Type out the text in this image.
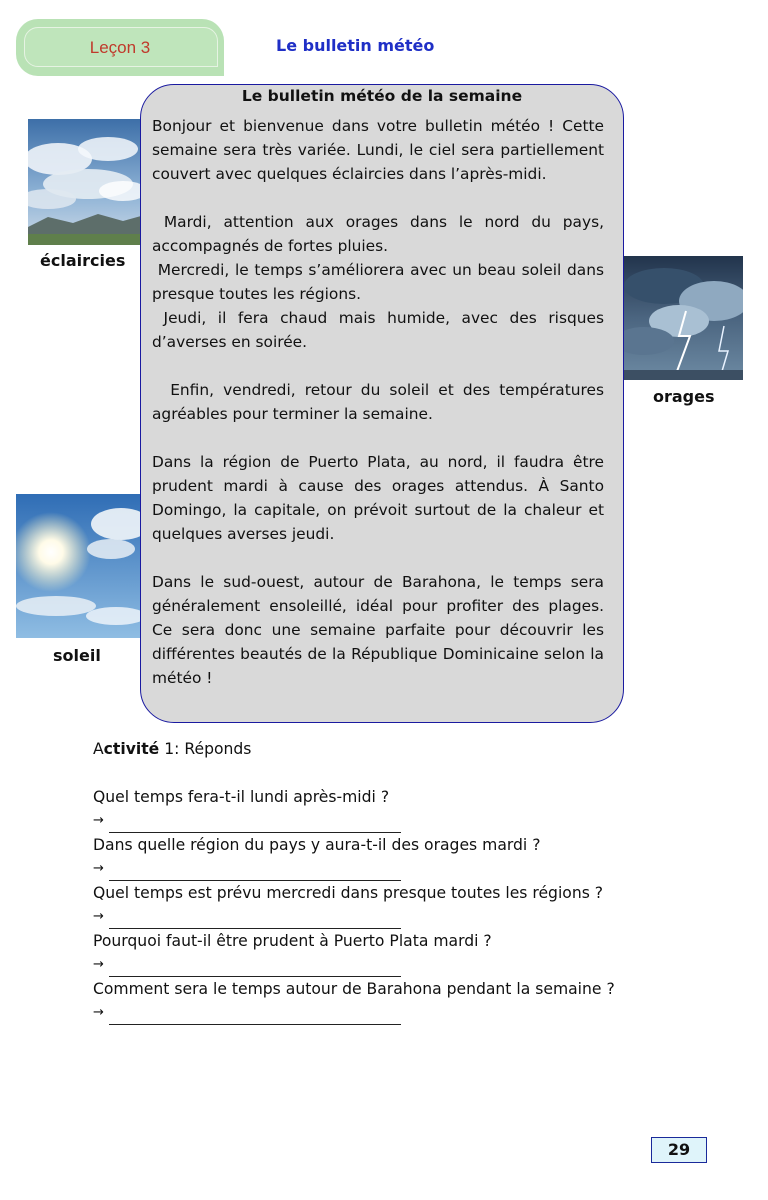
Leçon 3	Le bulletin météo
éclaircies
orages
soleil
Le bulletin météo de la semaine

Bonjour et bienvenue dans votre bulletin météo ! Cette semaine sera très variée. Lundi, le ciel sera partiellement couvert avec quelques éclaircies dans l’après-midi.

Mardi, attention aux orages dans le nord du pays, accompagnés de fortes pluies.

Mercredi, le temps s’améliorera avec un beau soleil dans presque toutes les régions.

Jeudi, il fera chaud mais humide, avec des risques d’averses en soirée.

Enfin, vendredi, retour du soleil et des températures agréables pour terminer la semaine.

Dans la région de Puerto Plata, au nord, il faudra être prudent mardi à cause des orages attendus. À Santo Domingo, la capitale, on prévoit surtout de la chaleur et quelques averses jeudi.

Dans le sud-ouest, autour de Barahona, le temps sera généralement ensoleillé, idéal pour profiter des plages. Ce sera donc une semaine parfaite pour découvrir les différentes beautés de la République Dominicaine selon la météo !

Activité 1: Réponds

Quel temps fera-t-il lundi après-midi ?

→

Dans quelle région du pays y aura-t-il des orages mardi ?

→

Quel temps est prévu mercredi dans presque toutes les régions ?

→

Pourquoi faut-il être prudent à Puerto Plata mardi ?

→

Comment sera le temps autour de Barahona pendant la semaine ?

→
29
